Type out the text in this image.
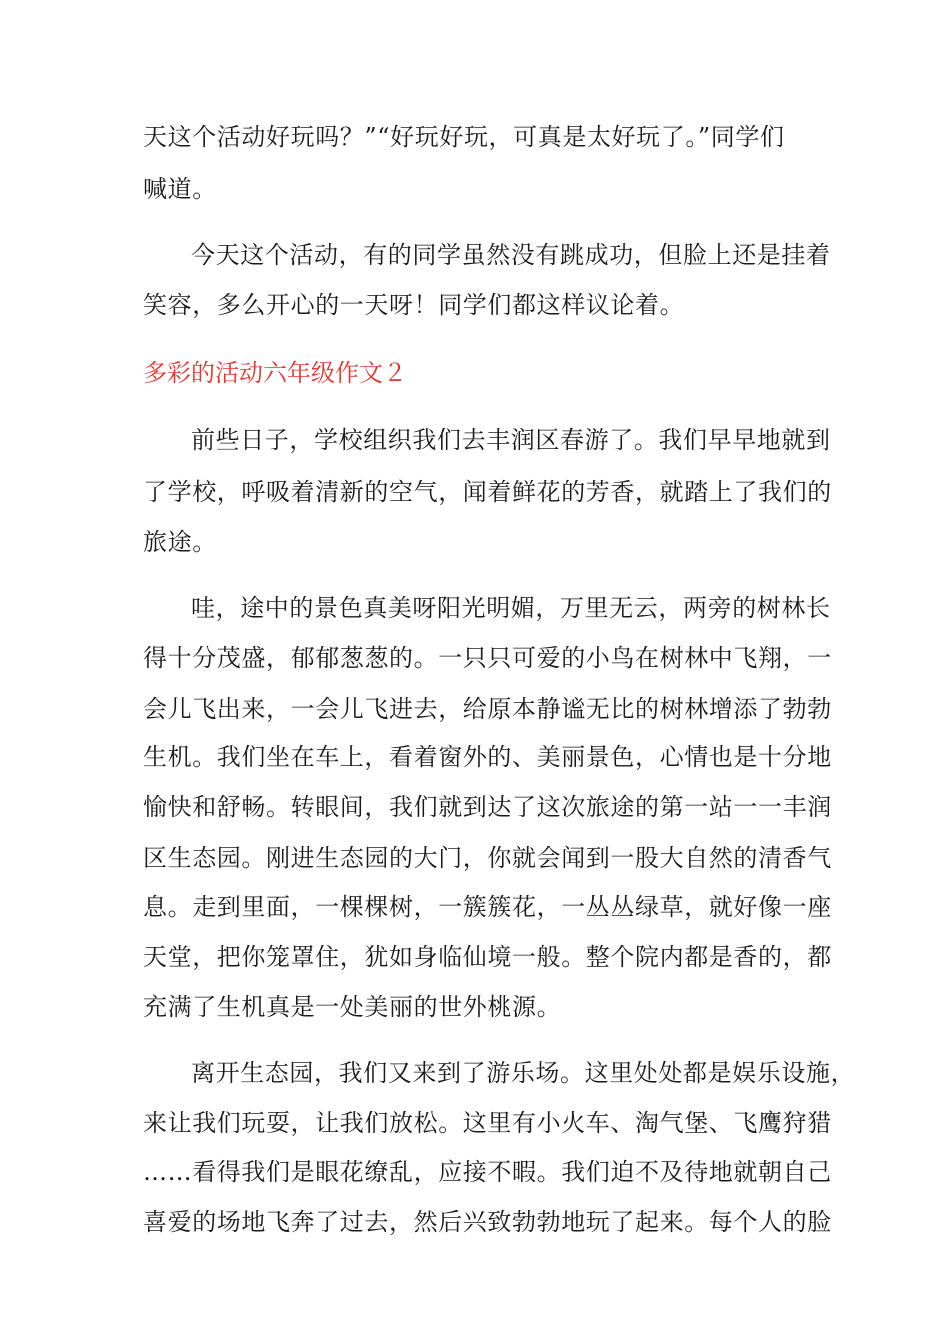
天这个活动好玩吗？”“好玩好玩，可真是太好玩了。”同学们
喊道。
今天这个活动，有的同学虽然没有跳成功，但脸上还是挂着
笑容，多么开心的一天呀！同学们都这样议论着。
多彩的活动六年级作文２
前些日子，学校组织我们去丰润区春游了。我们早早地就到
了学校，呼吸着清新的空气，闻着鲜花的芳香，就踏上了我们的
旅途。
哇，途中的景色真美呀阳光明媚，万里无云，两旁的树林长
得十分茂盛，郁郁葱葱的。一只只可爱的小鸟在树林中飞翔，一
会儿飞出来，一会儿飞进去，给原本静谧无比的树林增添了勃勃
生机。我们坐在车上，看着窗外的、美丽景色，心情也是十分地
愉快和舒畅。转眼间，我们就到达了这次旅途的第一站一一丰润
区生态园。刚进生态园的大门，你就会闻到一股大自然的清香气
息。走到里面，一棵棵树，一簇簇花，一丛丛绿草，就好像一座
天堂，把你笼罩住，犹如身临仙境一般。整个院内都是香的，都
充满了生机真是一处美丽的世外桃源。
离开生态园，我们又来到了游乐场。这里处处都是娱乐设施，
来让我们玩耍，让我们放松。这里有小火车、淘气堡、飞鹰狩猎
……看得我们是眼花缭乱，应接不暇。我们迫不及待地就朝自己
喜爱的场地飞奔了过去，然后兴致勃勃地玩了起来。每个人的脸
